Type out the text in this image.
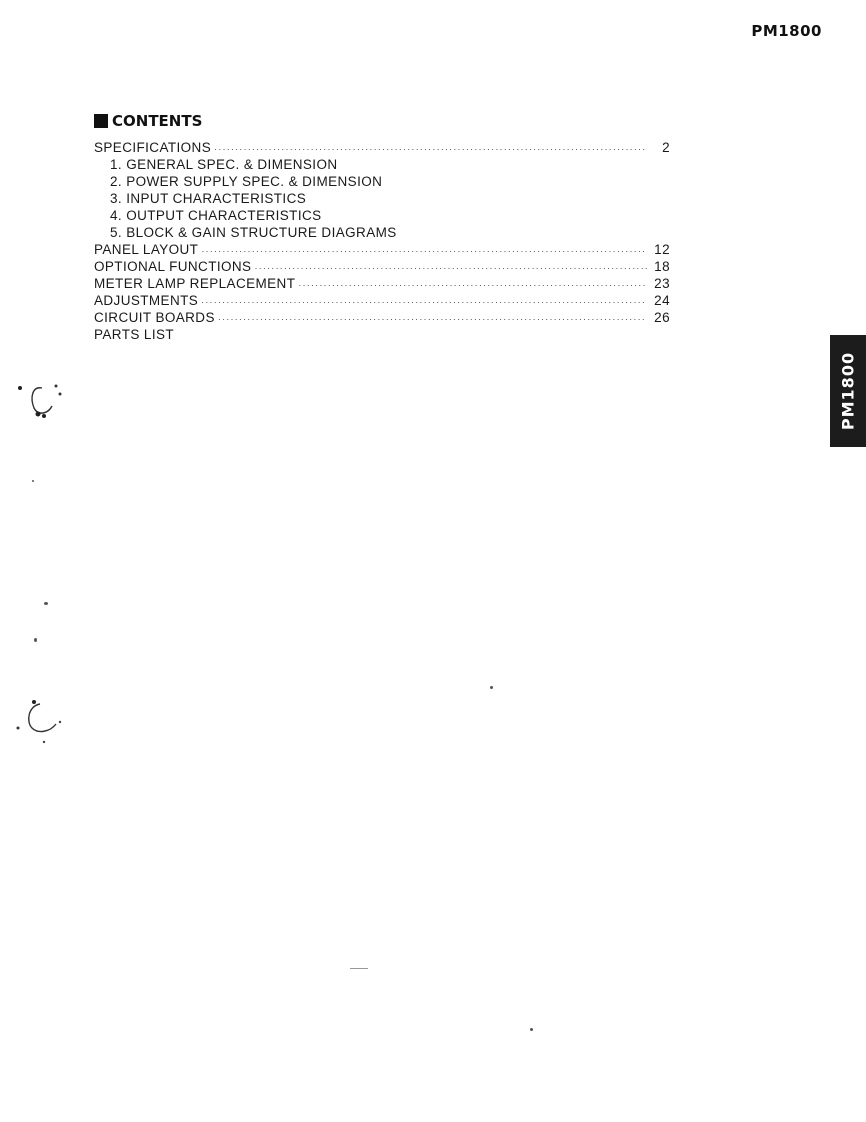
PM1800
CONTENTS
SPECIFICATIONS ·····	2
1. GENERAL SPEC. & DIMENSION
2. POWER SUPPLY SPEC. & DIMENSION
3. INPUT CHARACTERISTICS
4. OUTPUT CHARACTERISTICS
5. BLOCK & GAIN STRUCTURE DIAGRAMS
PANEL LAYOUT ·····	12
OPTIONAL FUNCTIONS ·····	18
METER LAMP REPLACEMENT ·····	23
ADJUSTMENTS ·····	24
CIRCUIT BOARDS ·····	26
PARTS LIST
PM1800
